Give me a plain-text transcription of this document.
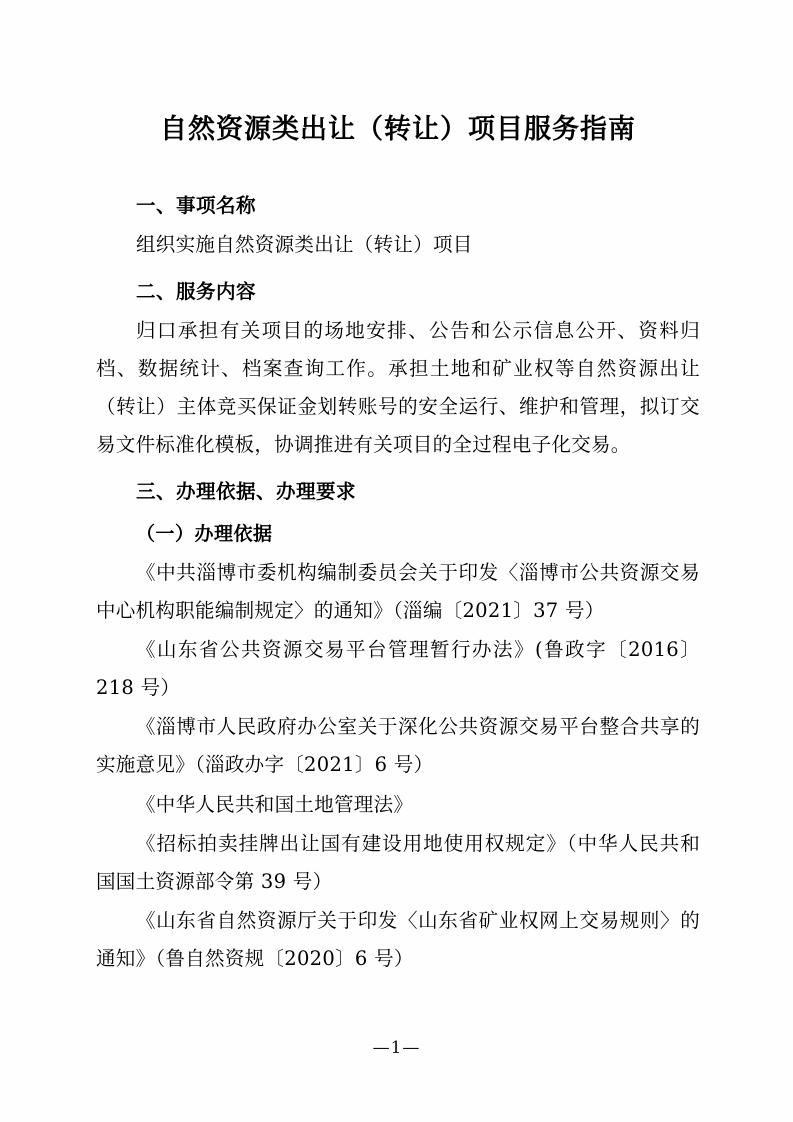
自然资源类出让（转让）项目服务指南
一、事项名称

组织实施自然资源类出让（转让）项目

二、服务内容

归口承担有关项目的场地安排、公告和公示信息公开、资料归档、数据统计、档案查询工作。承担土地和矿业权等自然资源出让（转让）主体竞买保证金划转账号的安全运行、维护和管理，拟订交易文件标准化模板，协调推进有关项目的全过程电子化交易。

三、办理依据、办理要求
（一）办理依据

《中共淄博市委机构编制委员会关于印发〈淄博市公共资源交易中心机构职能编制规定〉的通知》（淄编〔2021〕37 号）

《山东省公共资源交易平台管理暂行办法》(鲁政字〔2016〕218 号）

《淄博市人民政府办公室关于深化公共资源交易平台整合共享的实施意见》（淄政办字〔2021〕6 号）

《中华人民共和国土地管理法》

《招标拍卖挂牌出让国有建设用地使用权规定》（中华人民共和国国土资源部令第 39 号）

《山东省自然资源厅关于印发〈山东省矿业权网上交易规则〉的通知》（鲁自然资规〔2020〕6 号）

—1—
